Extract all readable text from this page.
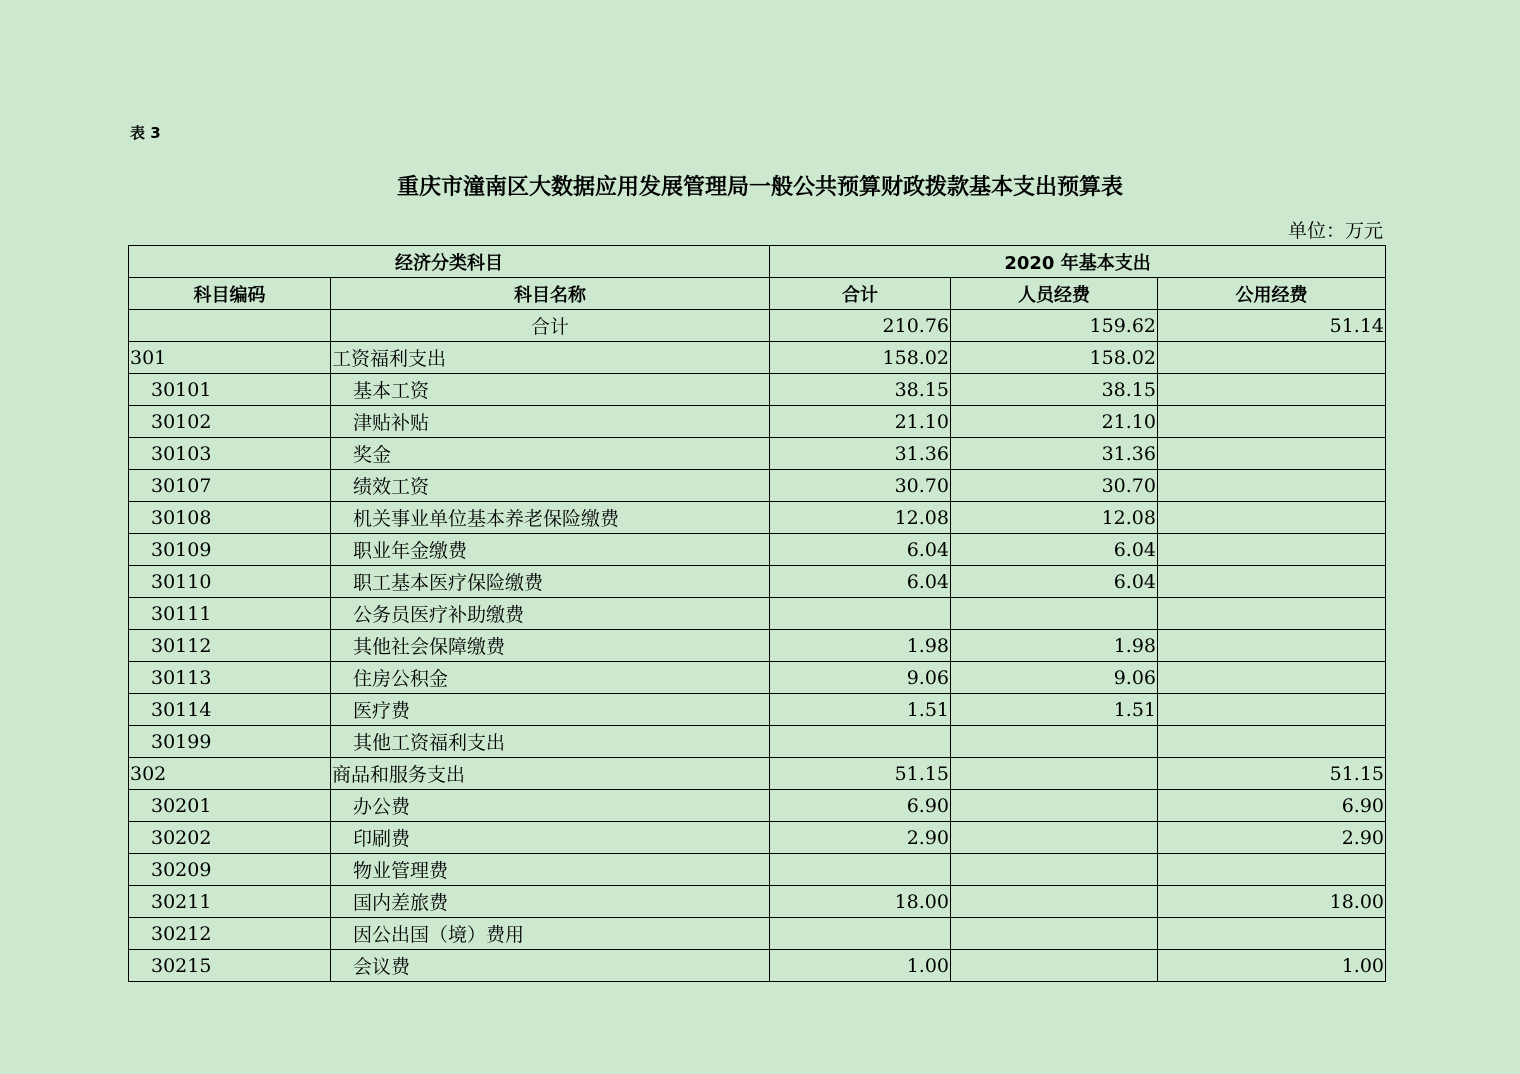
表 3
重庆市潼南区大数据应用发展管理局一般公共预算财政拨款基本支出预算表
单位：万元
经济分类科目		2020 年基本支出		
科目编码	科目名称	合计	人员经费	公用经费
	合计	210.76	159.62	51.14
301	工资福利支出	158.02	158.02	
30101	基本工资	38.15	38.15	
30102	津贴补贴	21.10	21.10	
30103	奖金	31.36	31.36	
30107	绩效工资	30.70	30.70	
30108	机关事业单位基本养老保险缴费	12.08	12.08	
30109	职业年金缴费	6.04	6.04	
30110	职工基本医疗保险缴费	6.04	6.04	
30111	公务员医疗补助缴费			
30112	其他社会保障缴费	1.98	1.98	
30113	住房公积金	9.06	9.06	
30114	医疗费	1.51	1.51	
30199	其他工资福利支出			
302	商品和服务支出	51.15		51.15
30201	办公费	6.90		6.90
30202	印刷费	2.90		2.90
30209	物业管理费			
30211	国内差旅费	18.00		18.00
30212	因公出国（境）费用			
30215	会议费	1.00		1.00
